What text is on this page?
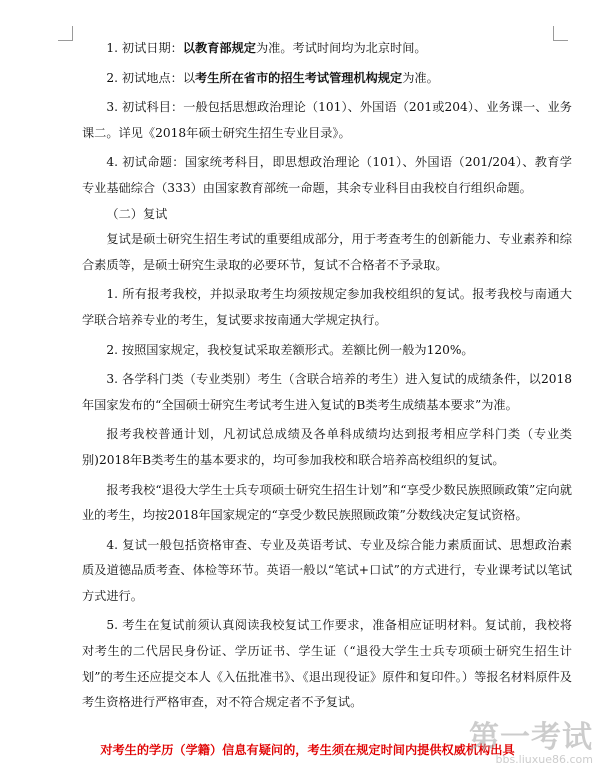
1. 初试日期：以教育部规定为准。考试时间均为北京时间。

2. 初试地点：以考生所在省市的招生考试管理机构规定为准。

3. 初试科目：一般包括思想政治理论（101）、外国语（201或204）、业务课一、业务课二。详见《2018年硕士研究生招生专业目录》。

4. 初试命题：国家统考科目，即思想政治理论（101）、外国语（201/204）、教育学专业基础综合（333）由国家教育部统一命题，其余专业科目由我校自行组织命题。

（二）复试

复试是硕士研究生招生考试的重要组成部分，用于考查考生的创新能力、专业素养和综合素质等，是硕士研究生录取的必要环节，复试不合格者不予录取。

1. 所有报考我校，并拟录取考生均须按规定参加我校组织的复试。报考我校与南通大学联合培养专业的考生，复试要求按南通大学规定执行。

2. 按照国家规定，我校复试采取差额形式。差额比例一般为120%。

3. 各学科门类（专业类别）考生（含联合培养的考生）进入复试的成绩条件，以2018年国家发布的“全国硕士研究生考试考生进入复试的B类考生成绩基本要求”为准。

报考我校普通计划，凡初试总成绩及各单科成绩均达到报考相应学科门类（专业类别)2018年B类考生的基本要求的，均可参加我校和联合培养高校组织的复试。

报考我校“退役大学生士兵专项硕士研究生招生计划”和“享受少数民族照顾政策”定向就业的考生，均按2018年国家规定的“享受少数民族照顾政策”分数线决定复试资格。

4. 复试一般包括资格审查、专业及英语考试、专业及综合能力素质面试、思想政治素质及道德品质考查、体检等环节。英语一般以“笔试+口试”的方式进行，专业课考试以笔试方式进行。

5. 考生在复试前须认真阅读我校复试工作要求，准备相应证明材料。复试前，我校将对考生的二代居民身份证、学历证书、学生证（“退役大学生士兵专项硕士研究生招生计划”的考生还应提交本人《入伍批准书》、《退出现役证》原件和复印件。）等报名材料原件及考生资格进行严格审查，对不符合规定者不予复试。

对考生的学历（学籍）信息有疑问的，考生须在规定时间内提供权威机构出具
第一考试
bbs.liuxue86.com
